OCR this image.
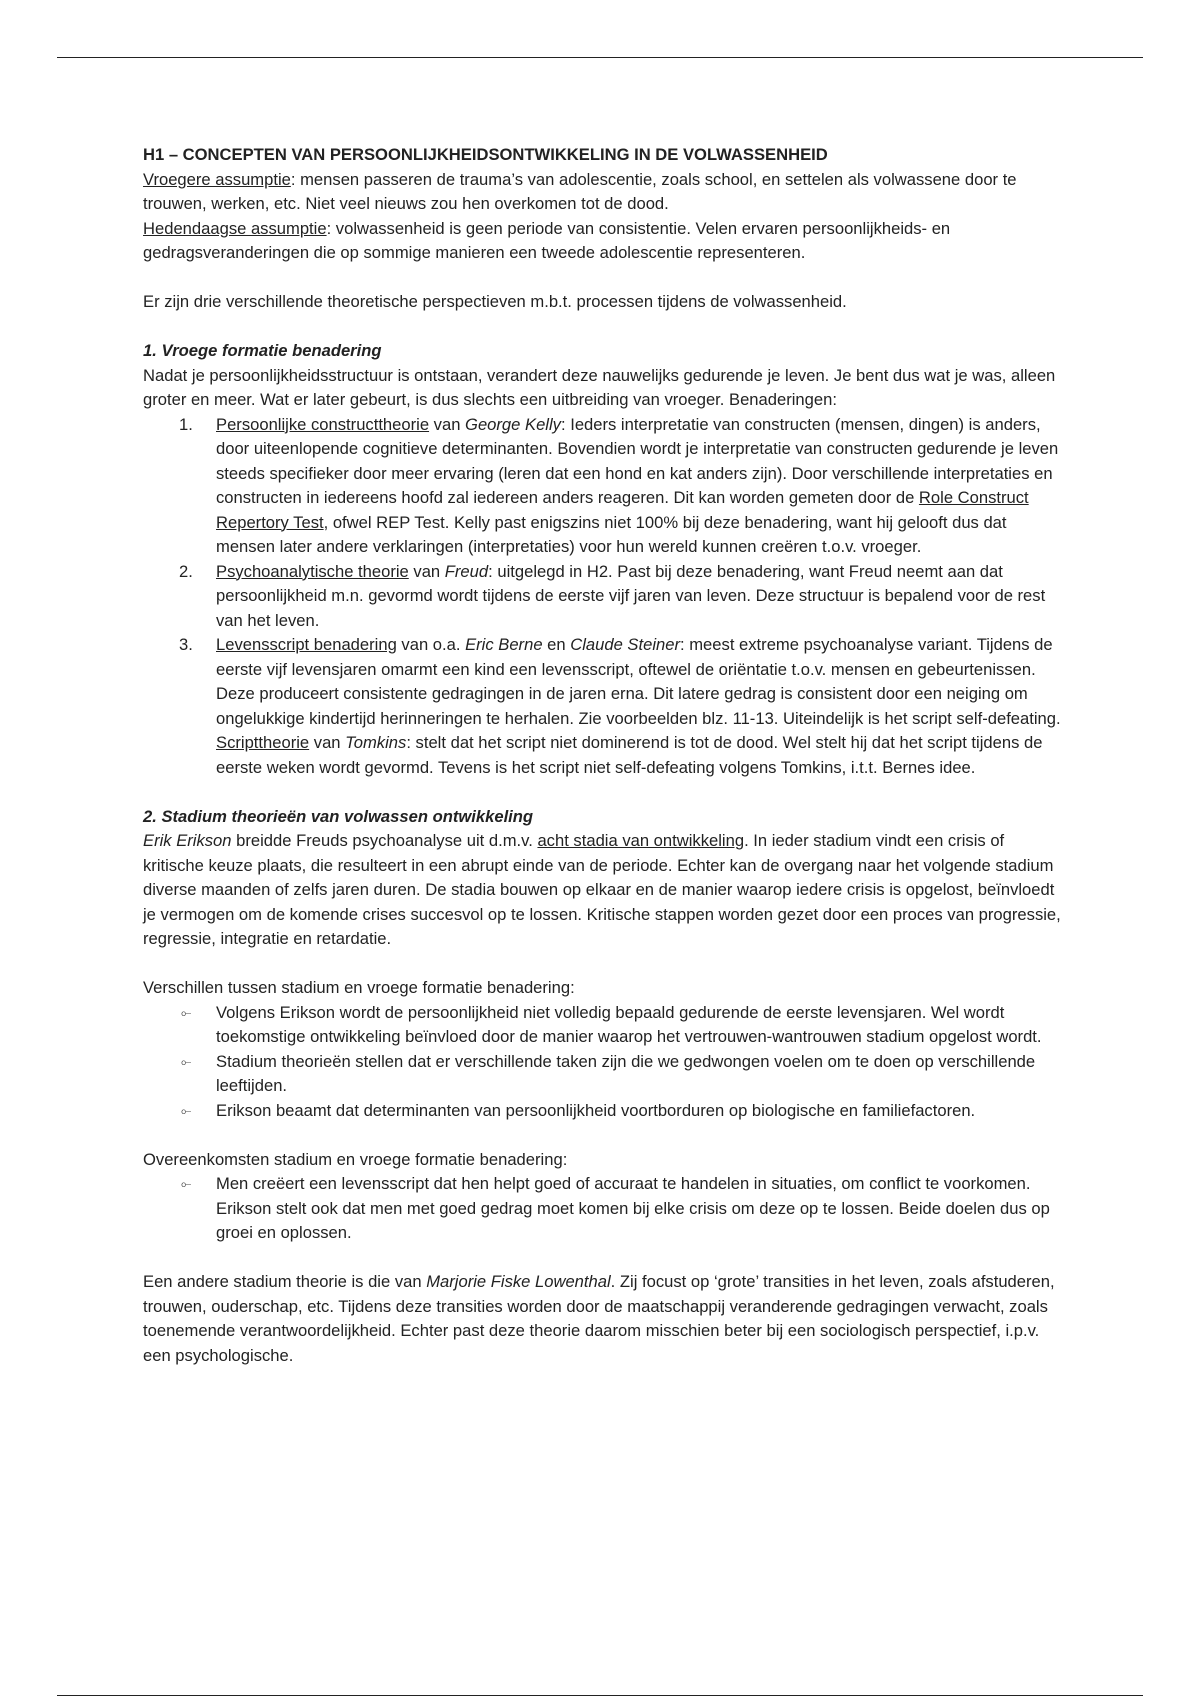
H1 – CONCEPTEN VAN PERSOONLIJKHEIDSONTWIKKELING IN DE VOLWASSENHEID

Vroegere assumptie: mensen passeren de trauma’s van adolescentie, zoals school, en settelen als volwassene door te trouwen, werken, etc. Niet veel nieuws zou hen overkomen tot de dood.

Hedendaagse assumptie: volwassenheid is geen periode van consistentie. Velen ervaren persoonlijkheids- en gedragsveranderingen die op sommige manieren een tweede adolescentie representeren.

Er zijn drie verschillende theoretische perspectieven m.b.t. processen tijdens de volwassenheid.

1. Vroege formatie benadering

Nadat je persoonlijkheidsstructuur is ontstaan, verandert deze nauwelijks gedurende je leven. Je bent dus wat je was, alleen groter en meer. Wat er later gebeurt, is dus slechts een uitbreiding van vroeger. Benaderingen:

1. Persoonlijke constructtheorie van George Kelly: Ieders interpretatie van constructen (mensen, dingen) is anders, door uiteenlopende cognitieve determinanten. Bovendien wordt je interpretatie van constructen gedurende je leven steeds specifieker door meer ervaring (leren dat een hond en kat anders zijn). Door verschillende interpretaties en constructen in iedereens hoofd zal iedereen anders reageren. Dit kan worden gemeten door de Role Construct Repertory Test, ofwel REP Test. Kelly past enigszins niet 100% bij deze benadering, want hij gelooft dus dat mensen later andere verklaringen (interpretaties) voor hun wereld kunnen creëren t.o.v. vroeger.
2. Psychoanalytische theorie van Freud: uitgelegd in H2. Past bij deze benadering, want Freud neemt aan dat persoonlijkheid m.n. gevormd wordt tijdens de eerste vijf jaren van leven. Deze structuur is bepalend voor de rest van het leven.
3. Levensscript benadering van o.a. Eric Berne en Claude Steiner: meest extreme psychoanalyse variant. Tijdens de eerste vijf levensjaren omarmt een kind een levensscript, oftewel de oriëntatie t.o.v. mensen en gebeurtenissen. Deze produceert consistente gedragingen in de jaren erna. Dit latere gedrag is consistent door een neiging om ongelukkige kindertijd herinneringen te herhalen. Zie voorbeelden blz. 11-13. Uiteindelijk is het script self-defeating.

Scripttheorie van Tomkins: stelt dat het script niet dominerend is tot de dood. Wel stelt hij dat het script tijdens de eerste weken wordt gevormd. Tevens is het script niet self-defeating volgens Tomkins, i.t.t. Bernes idee.

2. Stadium theorieën van volwassen ontwikkeling

Erik Erikson breidde Freuds psychoanalyse uit d.m.v. acht stadia van ontwikkeling. In ieder stadium vindt een crisis of kritische keuze plaats, die resulteert in een abrupt einde van de periode. Echter kan de overgang naar het volgende stadium diverse maanden of zelfs jaren duren. De stadia bouwen op elkaar en de manier waarop iedere crisis is opgelost, beïnvloedt je vermogen om de komende crises succesvol op te lossen. Kritische stappen worden gezet door een proces van progressie, regressie, integratie en retardatie.

Verschillen tussen stadium en vroege formatie benadering:

⟜ Volgens Erikson wordt de persoonlijkheid niet volledig bepaald gedurende de eerste levensjaren. Wel wordt toekomstige ontwikkeling beïnvloed door de manier waarop het vertrouwen-wantrouwen stadium opgelost wordt.
⟜ Stadium theorieën stellen dat er verschillende taken zijn die we gedwongen voelen om te doen op verschillende leeftijden.
⟜ Erikson beaamt dat determinanten van persoonlijkheid voortborduren op biologische en familiefactoren.

Overeenkomsten stadium en vroege formatie benadering:

⟜ Men creëert een levensscript dat hen helpt goed of accuraat te handelen in situaties, om conflict te voorkomen. Erikson stelt ook dat men met goed gedrag moet komen bij elke crisis om deze op te lossen. Beide doelen dus op groei en oplossen.

Een andere stadium theorie is die van Marjorie Fiske Lowenthal. Zij focust op ‘grote’ transities in het leven, zoals afstuderen, trouwen, ouderschap, etc. Tijdens deze transities worden door de maatschappij veranderende gedragingen verwacht, zoals toenemende verantwoordelijkheid. Echter past deze theorie daarom misschien beter bij een sociologisch perspectief, i.p.v. een psychologische.
